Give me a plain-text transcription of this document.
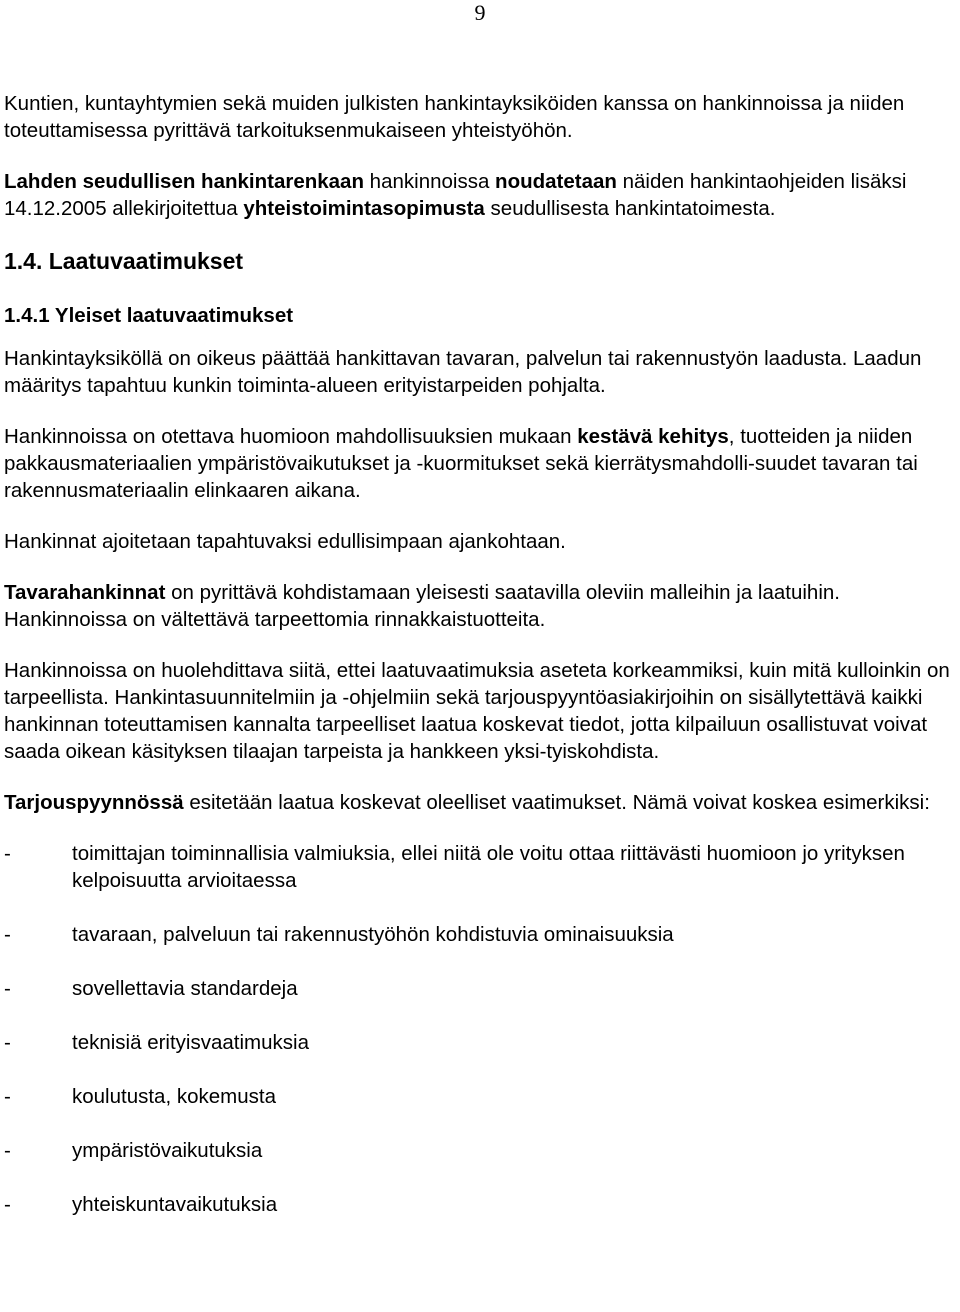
9

Kuntien, kuntayhtymien sekä muiden julkisten hankintayksiköiden kanssa on hankinnoissa ja niiden toteuttamisessa pyrittävä tarkoituksenmukaiseen yhteistyöhön.

Lahden seudullisen hankintarenkaan hankinnoissa noudatetaan näiden hankintaohjeiden lisäksi 14.12.2005 allekirjoitettua yhteistoimintasopimusta seudullisesta hankintatoimesta.

1.4. Laatuvaatimukset
1.4.1 Yleiset laatuvaatimukset

Hankintayksiköllä on oikeus päättää hankittavan tavaran, palvelun tai rakennustyön laadusta. Laadun määritys tapahtuu kunkin toiminta-alueen erityistarpeiden pohjalta.

Hankinnoissa on otettava huomioon mahdollisuuksien mukaan kestävä kehitys, tuotteiden ja niiden pakkausmateriaalien ympäristövaikutukset ja -kuormitukset sekä kierrätysmahdolli-suudet tavaran tai rakennusmateriaalin elinkaaren aikana.

Hankinnat ajoitetaan tapahtuvaksi edullisimpaan ajankohtaan.

Tavarahankinnat on pyrittävä kohdistamaan yleisesti saatavilla oleviin malleihin ja laatuihin. Hankinnoissa on vältettävä tarpeettomia rinnakkaistuotteita.

Hankinnoissa on huolehdittava siitä, ettei laatuvaatimuksia aseteta korkeammiksi, kuin mitä kulloinkin on tarpeellista. Hankintasuunnitelmiin ja -ohjelmiin sekä tarjouspyyntöasiakirjoihin on sisällytettävä kaikki hankinnan toteuttamisen kannalta tarpeelliset laatua koskevat tiedot, jotta kilpailuun osallistuvat voivat saada oikean käsityksen tilaajan tarpeista ja hankkeen yksi-tyiskohdista.

Tarjouspyynnössä esitetään laatua koskevat oleelliset vaatimukset. Nämä voivat koskea esimerkiksi:

-	toimittajan toiminnallisia valmiuksia, ellei niitä ole voitu ottaa riittävästi huomioon jo yrityksen kelpoisuutta arvioitaessa
-	tavaraan, palveluun tai rakennustyöhön kohdistuvia ominaisuuksia
-	sovellettavia standardeja
-	teknisiä erityisvaatimuksia
-	koulutusta, kokemusta
-	ympäristövaikutuksia
-	yhteiskuntavaikutuksia
